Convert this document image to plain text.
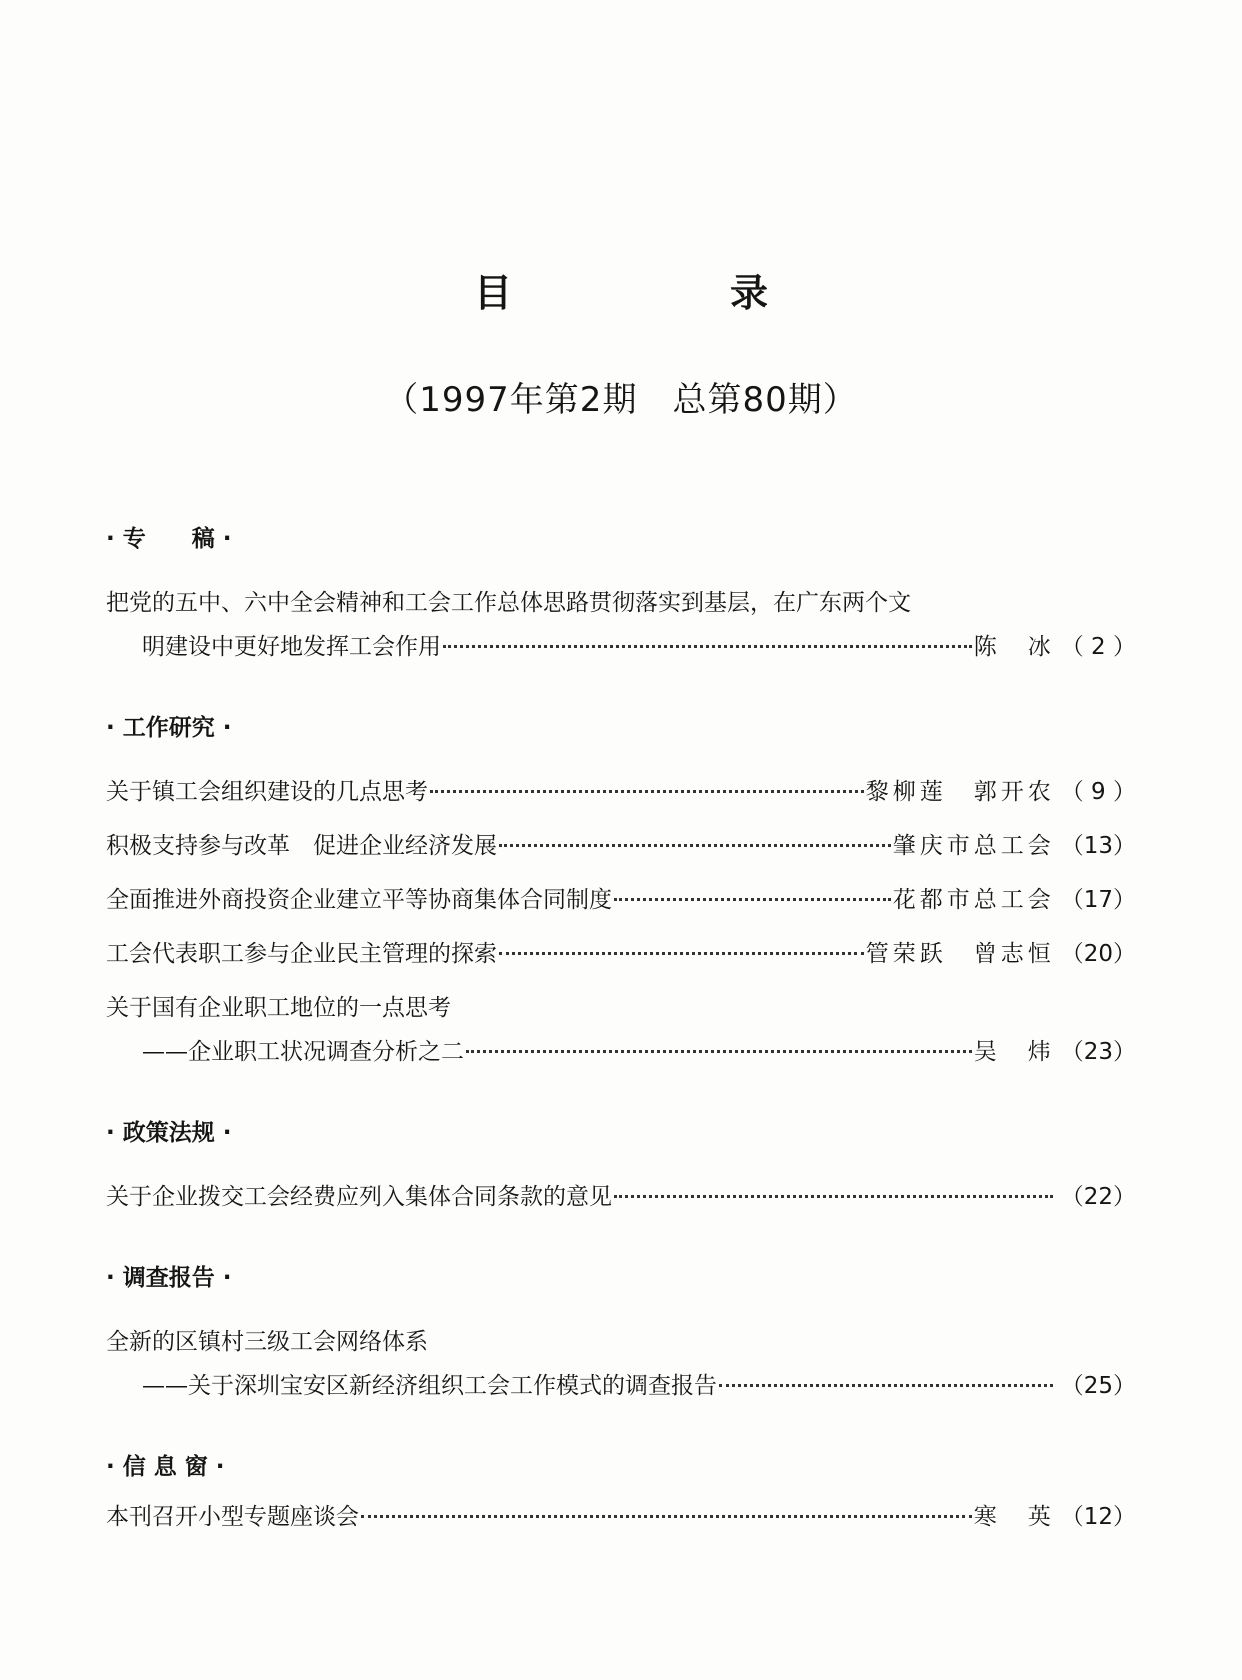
目　录
（1997年第2期　总第80期）
· 专　　稿 ·
把党的五中、六中全会精神和工会工作总体思路贯彻落实到基层，在广东两个文
明建设中更好地发挥工会作用	陈　冰 （ 2 ）
· 工作研究 ·
关于镇工会组织建设的几点思考	黎柳莲　郭开农 （ 9 ）
积极支持参与改革　促进企业经济发展	肇庆市总工会 （13）
全面推进外商投资企业建立平等协商集体合同制度	花都市总工会 （17）
工会代表职工参与企业民主管理的探索	管荣跃　曾志恒 （20）
关于国有企业职工地位的一点思考
——企业职工状况调查分析之二	吴　炜 （23）
· 政策法规 ·
关于企业拨交工会经费应列入集体合同条款的意见	（22）
· 调查报告 ·
全新的区镇村三级工会网络体系
——关于深圳宝安区新经济组织工会工作模式的调查报告	（25）
· 信 息 窗 ·
本刊召开小型专题座谈会	寒　英 （12）
